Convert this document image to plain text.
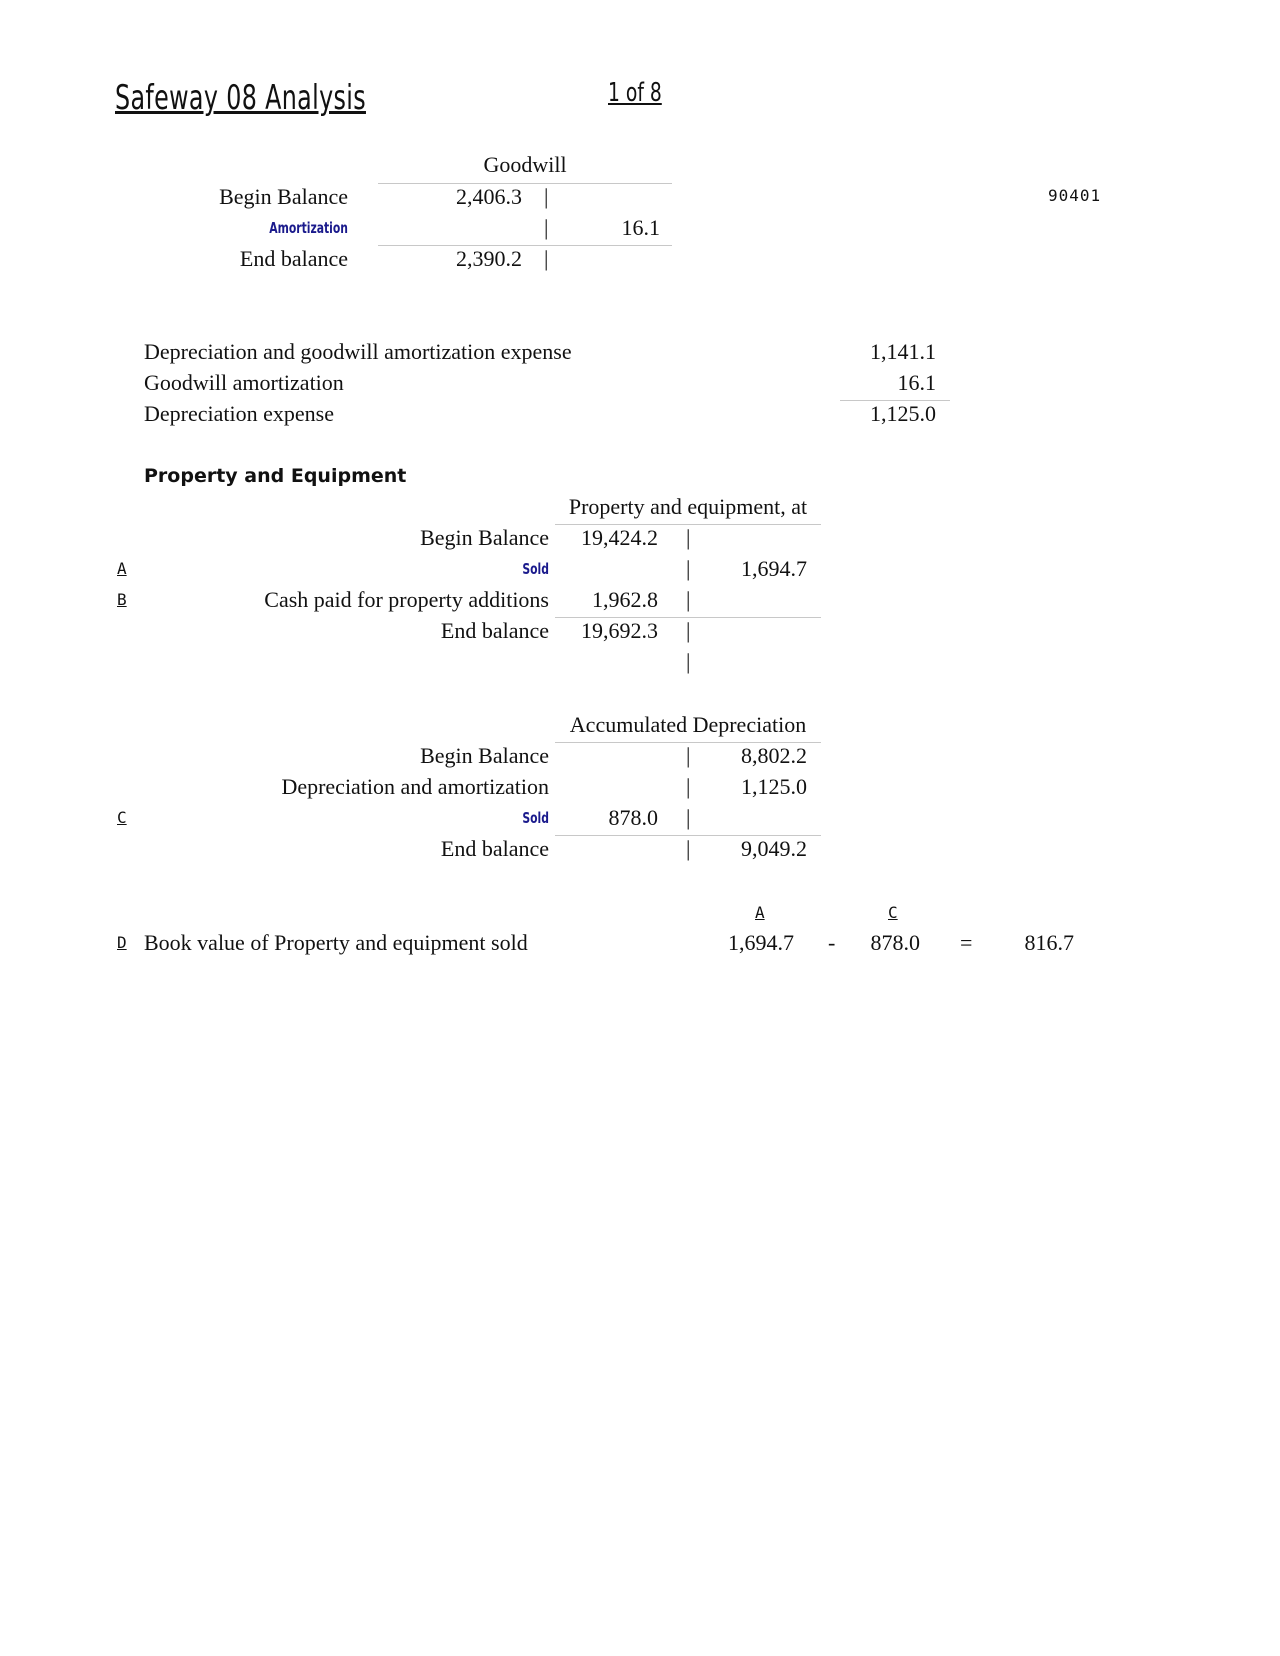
Safeway 08 Analysis	1 of 8
90401
Goodwill
Begin Balance	2,406.3 |
Amortization	|	16.1
End balance	2,390.2 |
Depreciation and goodwill amortization expense	1,141.1
Goodwill amortization	16.1
Depreciation expense	1,125.0
Property and Equipment
Property and equipment, at
Begin Balance	19,424.2 |
A	Sold	|	1,694.7
B	Cash paid for property additions	1,962.8 |
End balance	19,692.3 |
|
Accumulated Depreciation
Begin Balance	|	8,802.2
Depreciation and amortization	|	1,125.0
C	Sold	878.0 |
End balance	|	9,049.2
A	C
D Book value of Property and equipment sold	1,694.7 -	878.0 =	816.7
